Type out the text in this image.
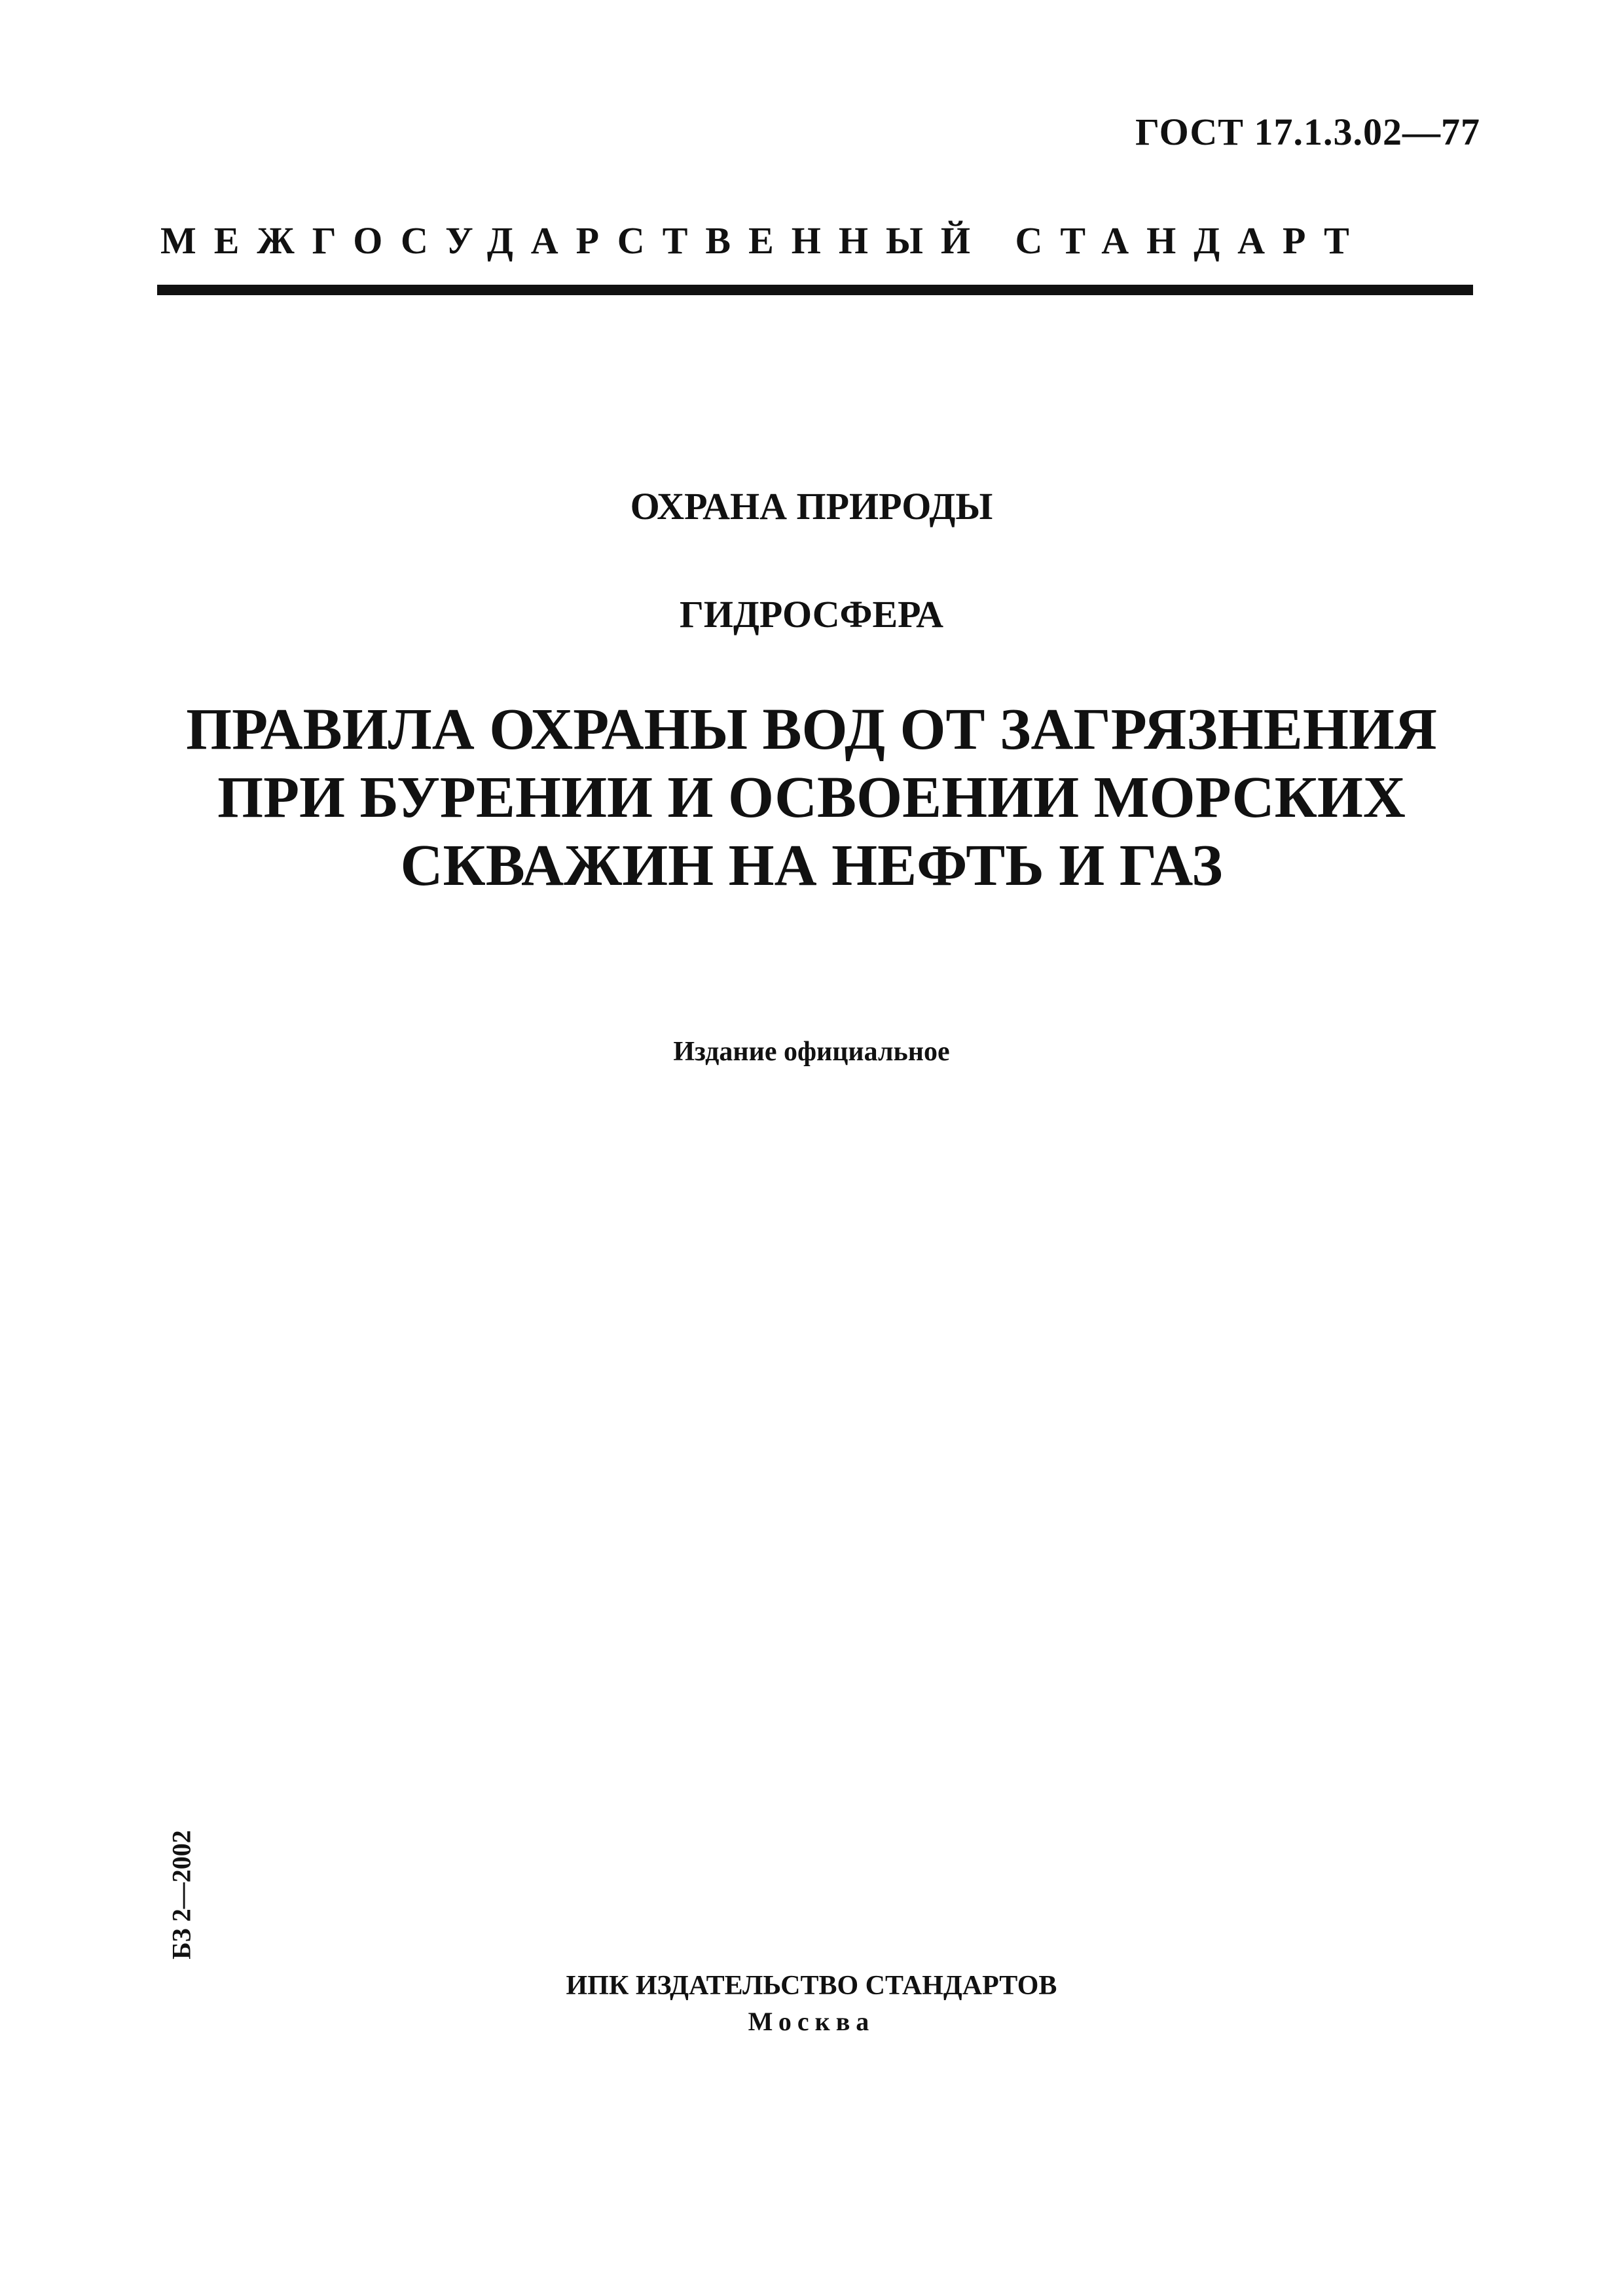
ГОСТ 17.1.3.02—77
МЕЖГОСУДАРСТВЕННЫЙ СТАНДАРТ
ОХРАНА ПРИРОДЫ
ГИДРОСФЕРА
ПРАВИЛА ОХРАНЫ ВОД ОТ ЗАГРЯЗНЕНИЯ
ПРИ БУРЕНИИ И ОСВОЕНИИ МОРСКИХ
СКВАЖИН НА НЕФТЬ И ГАЗ
Издание официальное
БЗ 2—2002
ИПК ИЗДАТЕЛЬСТВО СТАНДАРТОВ
Москва
